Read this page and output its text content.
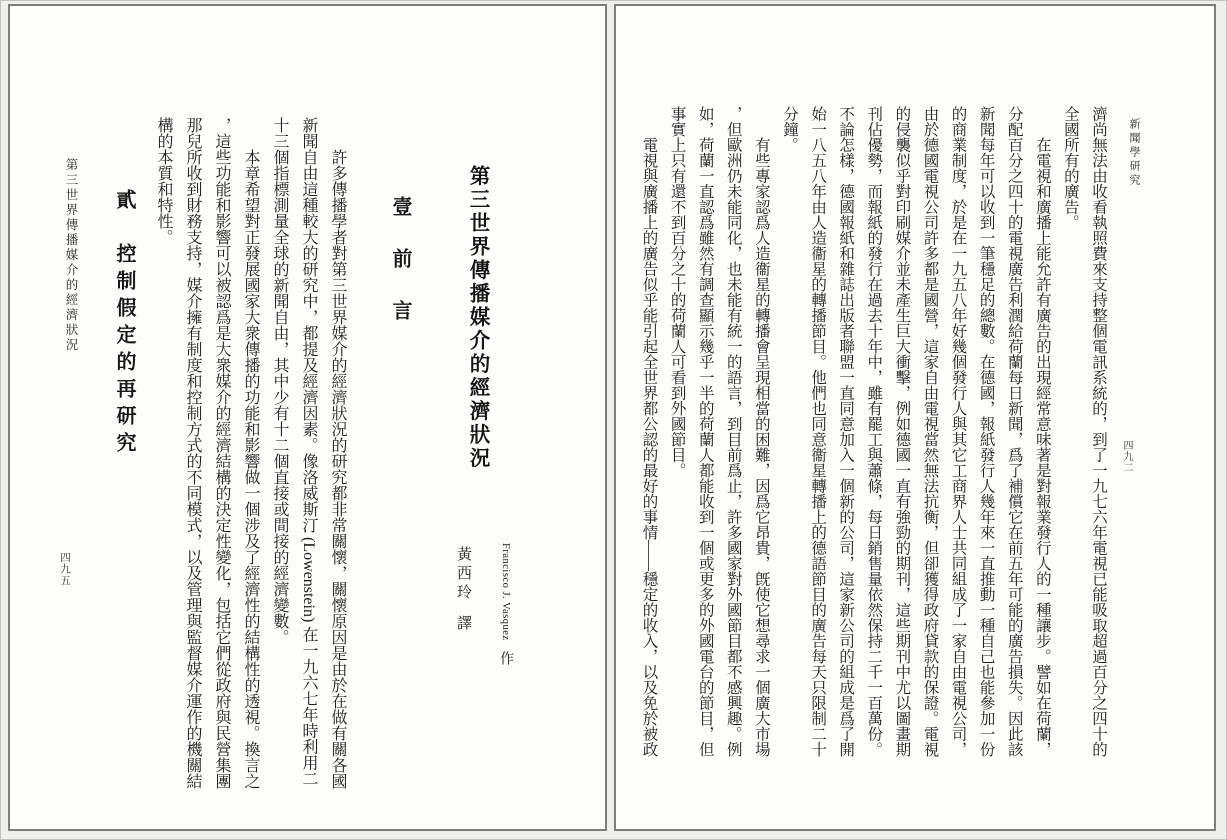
第三世界傳播媒介的經濟狀況
四九五
第三世界傳播媒介的經濟狀況
Francisco J. Vasquez作
黃西玲譯
壹　前　言

許多傳播學者對第三世界媒介的經濟狀況的研究都非常關懷，關懷原因是由於在做有關各國新聞自由這種較大的研究中，都提及經濟因素。像洛威斯汀 (Lowenstein) 在一九六七年時利用二十三個指標測量全球的新聞自由，其中少有十二個直接或間接的經濟變數。

本章希望對正發展國家大衆傳播的功能和影響做一個涉及了經濟性的結構性的透視。換言之，這些功能和影響可以被認爲是大衆媒介的經濟結構的決定性變化，包括它們從政府與民營集團那兒所收到財務支持，媒介擁有制度和控制方式的不同模式，以及管理與監督媒介運作的機關結構的本質和特性。

貳　控制假定的再研究
新聞學研究
四九二

濟尚無法由收看執照費來支持整個電訊系統的，到了一九七六年電視已能吸取超過百分之四十的全國所有的廣告。

在電視和廣播上能允許有廣告的出現經常意味著是對報業發行人的一種讓步。譬如在荷蘭，分配百分之四十的電視廣告利潤給荷蘭每日新聞，爲了補償它在前五年可能的廣告損失。因此該新聞每年可以收到一筆穩足的總數。在德國，報紙發行人幾年來一直推動一種自己也能參加一份的商業制度，於是在一九五八年好幾個發行人與其它工商界人士共同組成了一家自由電視公司，由於德國電視公司許多都是國營，這家自由電視當然無法抗衡，但卻獲得政府貸款的保證。電視的侵襲似乎對印刷媒介並未產生巨大衝擊，例如德國一直有強勁的期刊，這些期刊中尤以圖畫期刊佔優勢，而報紙的發行在過去十年中，雖有罷工與蕭條，每日銷售量依然保持二千一百萬份。不論怎樣，德國報紙和雜誌出版者聯盟一直同意加入一個新的公司，這家新公司的組成是爲了開始一八五八年由人造衞星的轉播節目。他們也同意衞星轉播上的德語節目的廣告每天只限制二十分鐘。

有些專家認爲人造衞星的轉播會呈現相當的困難，因爲它昂貴，旣使它想尋求一個廣大市場，但歐洲仍未能同化，也未能有統一的語言，到目前爲止，許多國家對外國節目都不感興趣。例如，荷蘭一直認爲雖然有調查顯示幾乎一半的荷蘭人都能收到一個或更多的外國電台的節目，但事實上只有還不到百分之十的荷蘭人可看到外國節目。

電視與廣播上的廣告似乎能引起全世界都公認的最好的事情——穩定的收入，以及免於被政
